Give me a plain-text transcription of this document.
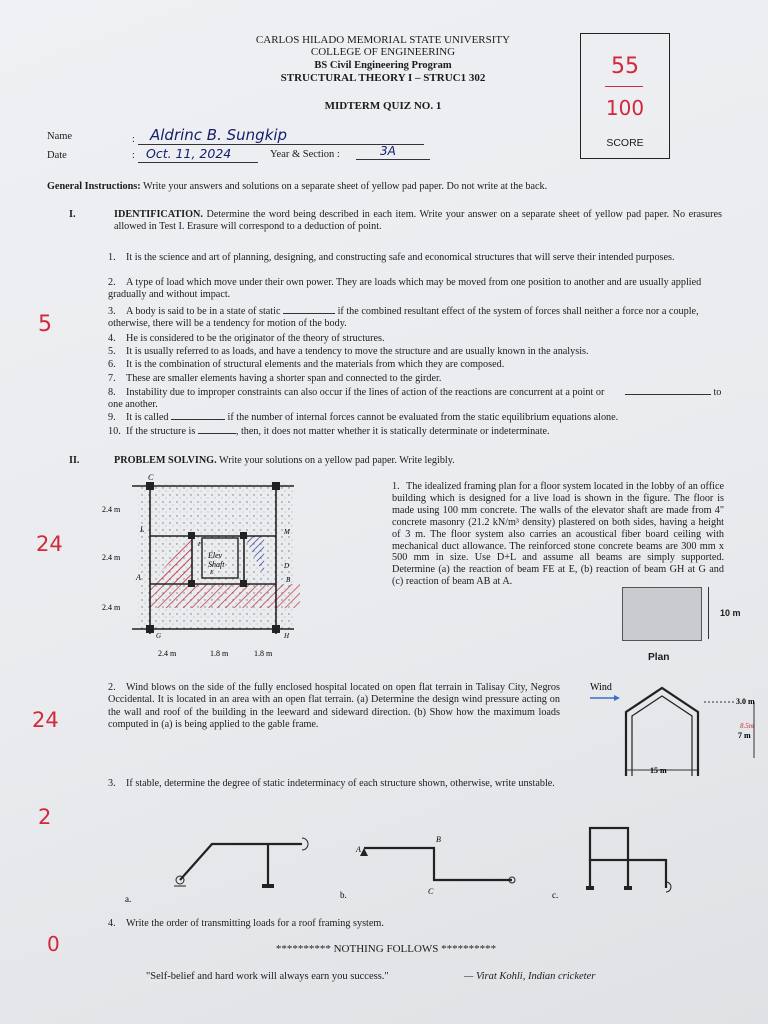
CARLOS HILADO MEMORIAL STATE UNIVERSITY
COLLEGE OF ENGINEERING
BS Civil Engineering Program
STRUCTURAL THEORY I – STRUC1 302
MIDTERM QUIZ NO. 1
55
100
SCORE
Name	: Aldrinc B. Sungkip
Date	: Oct. 11, 2024	Year & Section :	3A
General Instructions: Write your answers and solutions on a separate sheet of yellow pad paper. Do not write at the back.
I.	IDENTIFICATION. Determine the word being described in each item. Write your answer on a separate sheet of yellow pad paper. No erasures allowed in Test I. Erasure will correspond to a deduction of point.
5
1. It is the science and art of planning, designing, and constructing safe and economical structures that will serve their intended purposes.
2. A type of load which move under their own power. They are loads which may be moved from one position to another and are usually applied gradually and without impact.
3. A body is said to be in a state of static	if the combined resultant effect of the system of forces shall neither a force nor a couple, otherwise, there will be a tendency for motion of the body.
4. He is considered to be the originator of the theory of structures.
5. It is usually referred to as loads, and have a tendency to move the structure and are usually known in the analysis.
6. It is the combination of structural elements and the materials from which they are composed.
7. These are smaller elements having a shorter span and connected to the girder.
8. Instability due to improper constraints can also occur if the lines of action of the reactions are concurrent at a point or	to one another.
9. It is called	if the number of internal forces cannot be evaluated from the static equilibrium equations alone.
10. If the structure is	, then, it does not matter whether it is statically determinate or indeterminate.
II.	PROBLEM SOLVING. Write your solutions on a yellow pad paper. Write legibly.
24	Elev
Shaft
C
L
A
F
E
M
G
D
B
H
2.4 m
2.4 m
2.4 m
2.4 m	1.8 m	1.8 m
1. The idealized framing plan for a floor system located in the lobby of an office building which is designed for a live load is shown in the figure. The floor is made using 100 mm concrete. The walls of the elevator shaft are made from 4" concrete masonry (21.2 kN/m³ density) plastered on both sides, having a height of 3 m. The floor system also carries an acoustical fiber board ceiling with mechanical duct allowance. The reinforced stone concrete beams are 300 mm x 500 mm in size. Use D+L and assume all beams are simply supported. Determine (a) the reaction of beam FE at E, (b) reaction of beam GH at G and (c) reaction of beam AB at A.
10 m
Plan
24
2. Wind blows on the side of the fully enclosed hospital located on open flat terrain in Talisay City, Negros Occidental. It is located in an area with an open flat terrain. (a) Determine the design wind pressure acting on the wall and roof of the building in the leeward and sideward direction. (b) Show how the maximum loads computed in (a) is being applied to the gable frame.
Wind
3.0 m
7 m
8.5m
15 m
2
3. If stable, determine the degree of static indeterminacy of each structure shown, otherwise, write unstable.
a.	b.	c.
A
B
C
0
4. Write the order of transmitting loads for a roof framing system.
********** NOTHING FOLLOWS **********
"Self-belief and hard work will always earn you success."	— Virat Kohli, Indian cricketer
